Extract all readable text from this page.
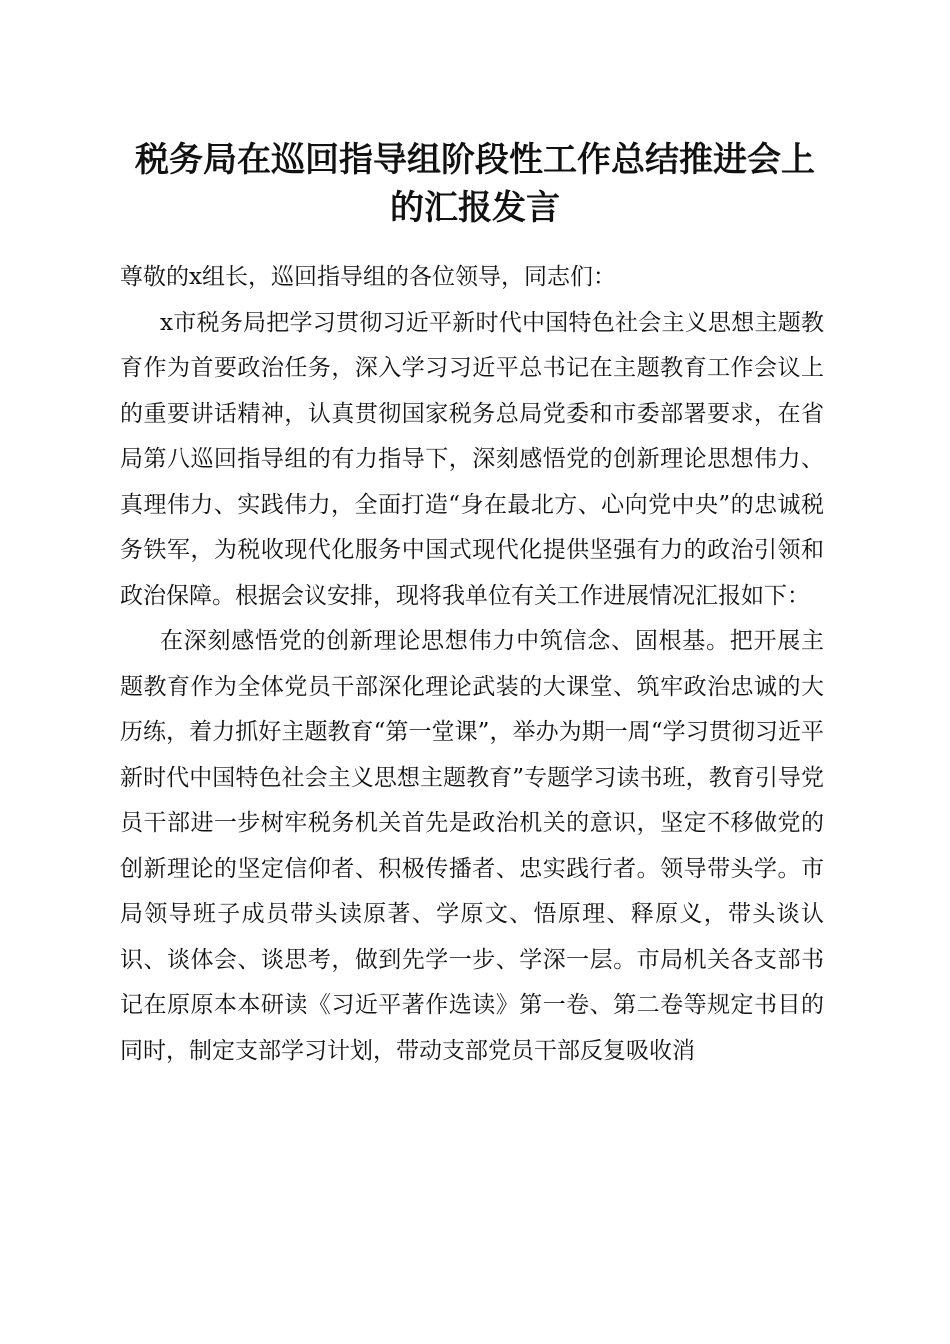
税务局在巡回指导组阶段性工作总结推进会上
的汇报发言

尊敬的x组长，巡回指导组的各位领导，同志们：

x市税务局把学习贯彻习近平新时代中国特色社会主义思想主题教育作为首要政治任务，深入学习习近平总书记在主题教育工作会议上的重要讲话精神，认真贯彻国家税务总局党委和市委部署要求，在省局第八巡回指导组的有力指导下，深刻感悟党的创新理论思想伟力、真理伟力、实践伟力，全面打造“身在最北方、心向党中央”的忠诚税务铁军，为税收现代化服务中国式现代化提供坚强有力的政治引领和政治保障。根据会议安排，现将我单位有关工作进展情况汇报如下：

在深刻感悟党的创新理论思想伟力中筑信念、固根基。把开展主题教育作为全体党员干部深化理论武装的大课堂、筑牢政治忠诚的大历练，着力抓好主题教育“第一堂课”，举办为期一周“学习贯彻习近平新时代中国特色社会主义思想主题教育”专题学习读书班，教育引导党员干部进一步树牢税务机关首先是政治机关的意识，坚定不移做党的创新理论的坚定信仰者、积极传播者、忠实践行者。领导带头学。市局领导班子成员带头读原著、学原文、悟原理、释原义，带头谈认识、谈体会、谈思考，做到先学一步、学深一层。市局机关各支部书记在原原本本研读《习近平著作选读》第一卷、第二卷等规定书目的同时，制定支部学习计划，带动支部党员干部反复吸收消
